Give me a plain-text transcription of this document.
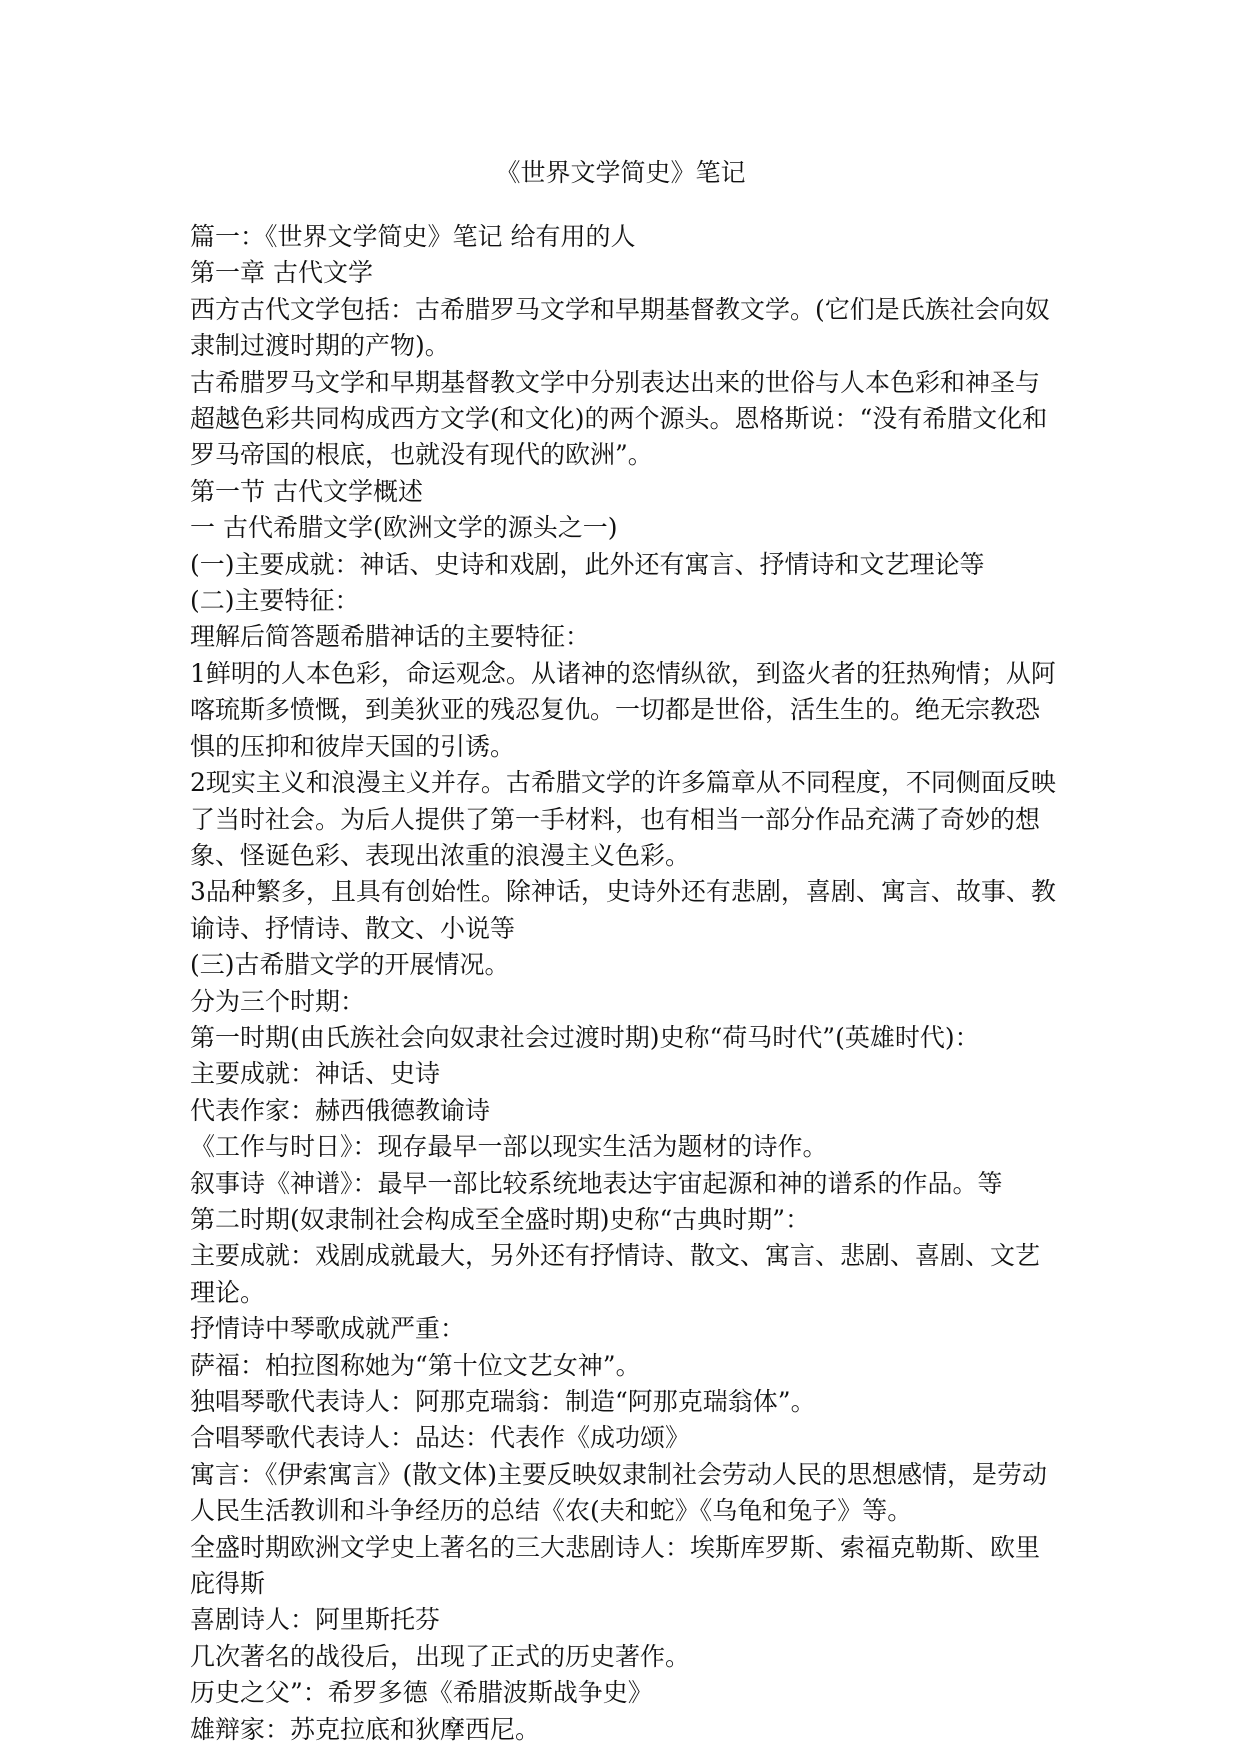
《世界文学简史》笔记

篇一：《世界文学简史》笔记 给有用的人

第一章 古代文学

西方古代文学包括：古希腊罗马文学和早期基督教文学。(它们是氏族社会向奴隶制过渡时期的产物)。

古希腊罗马文学和早期基督教文学中分别表达出来的世俗与人本色彩和神圣与超越色彩共同构成西方文学(和文化)的两个源头。恩格斯说：“没有希腊文化和罗马帝国的根底，也就没有现代的欧洲”。

第一节 古代文学概述

一 古代希腊文学(欧洲文学的源头之一)

(一)主要成就：神话、史诗和戏剧，此外还有寓言、抒情诗和文艺理论等

(二)主要特征：

理解后简答题希腊神话的主要特征：

1鲜明的人本色彩，命运观念。从诸神的恣情纵欲，到盗火者的狂热殉情；从阿喀琉斯多愤慨，到美狄亚的残忍复仇。一切都是世俗，活生生的。绝无宗教恐惧的压抑和彼岸天国的引诱。

2现实主义和浪漫主义并存。古希腊文学的许多篇章从不同程度，不同侧面反映了当时社会。为后人提供了第一手材料，也有相当一部分作品充满了奇妙的想象、怪诞色彩、表现出浓重的浪漫主义色彩。

3品种繁多，且具有创始性。除神话，史诗外还有悲剧，喜剧、寓言、故事、教谕诗、抒情诗、散文、小说等

(三)古希腊文学的开展情况。

分为三个时期：

第一时期(由氏族社会向奴隶社会过渡时期)史称“荷马时代”(英雄时代)：

主要成就：神话、史诗

代表作家：赫西俄德教谕诗

《工作与时日》：现存最早一部以现实生活为题材的诗作。

叙事诗《神谱》：最早一部比较系统地表达宇宙起源和神的谱系的作品。等

第二时期(奴隶制社会构成至全盛时期)史称“古典时期”：

主要成就：戏剧成就最大，另外还有抒情诗、散文、寓言、悲剧、喜剧、文艺理论。

抒情诗中琴歌成就严重：

萨福：柏拉图称她为“第十位文艺女神”。

独唱琴歌代表诗人：阿那克瑞翁：制造“阿那克瑞翁体”。

合唱琴歌代表诗人：品达：代表作《成功颂》

寓言：《伊索寓言》(散文体)主要反映奴隶制社会劳动人民的思想感情，是劳动人民生活教训和斗争经历的总结《农(夫和蛇》《乌龟和兔子》等。

全盛时期欧洲文学史上著名的三大悲剧诗人：埃斯库罗斯、索福克勒斯、欧里庇得斯

喜剧诗人：阿里斯托芬

几次著名的战役后，出现了正式的历史著作。

历史之父”：希罗多德《希腊波斯战争史》

雄辩家：苏克拉底和狄摩西尼。
